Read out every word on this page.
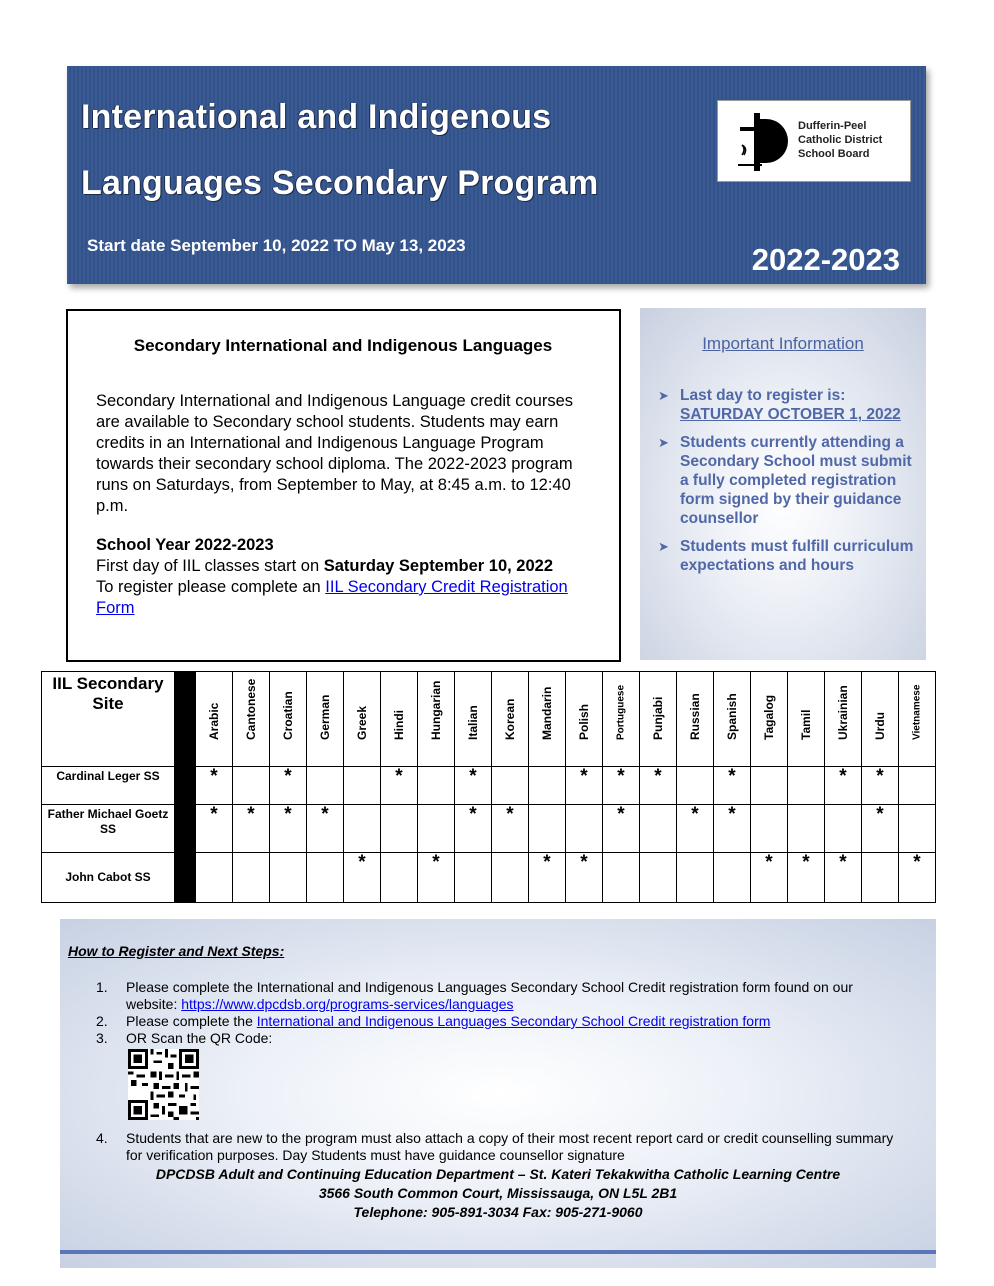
International and Indigenous
Languages Secondary Program
Start date September 10, 2022 TO May 13, 2023	2022-2023
Dufferin-Peel
Catholic District
School Board
Secondary International and Indigenous Languages
Secondary International and Indigenous Language credit courses are available to Secondary school students. Students may earn credits in an International and Indigenous Language Program towards their secondary school diploma. The 2022-2023 program runs on Saturdays, from September to May, at 8:45 a.m. to 12:40 p.m.
School Year 2022-2023
First day of IIL classes start on Saturday September 10, 2022
To register please complete an IIL Secondary Credit Registration Form
Important Information
➤ Last day to register is: SATURDAY OCTOBER 1, 2022
➤ Students currently attending a Secondary School must submit a fully completed registration form signed by their guidance counsellor
➤ Students must fulfill curriculum expectations and hours
IIL Secondary Site		Arabic	Cantonese	Croatian	German	Greek	Hindi	Hungarian	Italian	Korean	Mandarin	Polish	Portuguese	Punjabi	Russian	Spanish	Tagalog	Tamil	Ukrainian	Urdu	Vietnamese

Cardinal Leger SS		*		*			*		*			*	*	*		*			*	*	
Father Michael Goetz SS		*	*	*	*				*	*			*		*	*				*	
John Cabot SS						*		*			*	*					*	*	*		*
How to Register and Next Steps:
1. Please complete the International and Indigenous Languages Secondary School Credit registration form found on our website: https://www.dpcdsb.org/programs-services/languages
2. Please complete the International and Indigenous Languages Secondary School Credit registration form
3. OR Scan the QR Code:
4. Students that are new to the program must also attach a copy of their most recent report card or credit counselling summary for verification purposes. Day Students must have guidance counsellor signature
DPCDSB Adult and Continuing Education Department – St. Kateri Tekakwitha Catholic Learning Centre
3566 South Common Court, Mississauga, ON L5L 2B1
Telephone: 905-891-3034 Fax: 905-271-9060
